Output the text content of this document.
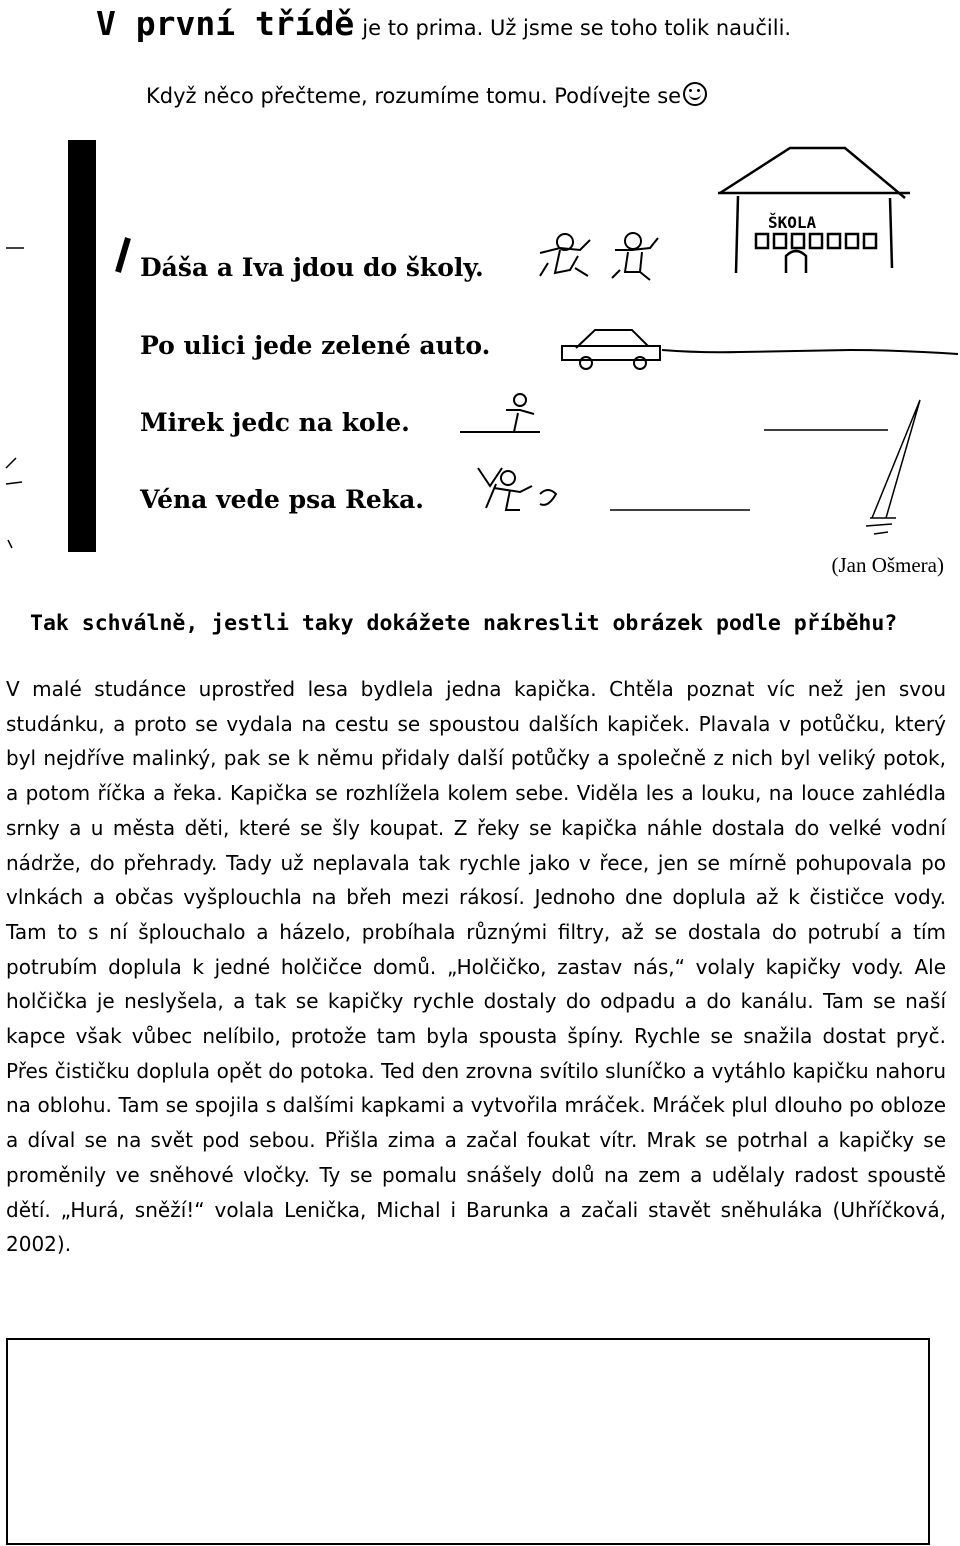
V první třídě je to prima. Už jsme se toho tolik naučili.
Když něco přečteme, rozumíme tomu. Podívejte se
ŠKOLA
Dáša a Iva jdou do školy.
Po ulici jede zelené auto.
Mirek jedc na kole.
Véna vede psa Reka.
(Jan Ošmera)
Tak schválně, jestli taky dokážete nakreslit obrázek podle příběhu?
V malé studánce uprostřed lesa bydlela jedna kapička. Chtěla poznat víc než jen svou studánku, a proto se vydala na cestu se spoustou dalších kapiček. Plavala v potůčku, který byl nejdříve malinký, pak se k němu přidaly další potůčky a společně z nich byl veliký potok, a potom říčka a řeka. Kapička se rozhlížela kolem sebe. Viděla les a louku, na louce zahlédla srnky a u města děti, které se šly koupat. Z řeky se kapička náhle dostala do velké vodní nádrže, do přehrady. Tady už neplavala tak rychle jako v řece, jen se mírně pohupovala po vlnkách a občas vyšplouchla na břeh mezi rákosí. Jednoho dne doplula až k čističce vody. Tam to s ní šplouchalo a házelo, probíhala různými filtry, až se dostala do potrubí a tím potrubím doplula k jedné holčičce domů. „Holčičko, zastav nás,“ volaly kapičky vody. Ale holčička je neslyšela, a tak se kapičky rychle dostaly do odpadu a do kanálu. Tam se naší kapce však vůbec nelíbilo, protože tam byla spousta špíny. Rychle se snažila dostat pryč. Přes čističku doplula opět do potoka. Ted den zrovna svítilo sluníčko a vytáhlo kapičku nahoru na oblohu. Tam se spojila s dalšími kapkami a vytvořila mráček. Mráček plul dlouho po obloze a díval se na svět pod sebou. Přišla zima a začal foukat vítr. Mrak se potrhal a kapičky se proměnily ve sněhové vločky. Ty se pomalu snášely dolů na zem a udělaly radost spoustě dětí. „Hurá, sněží!“ volala Lenička, Michal i Barunka a začali stavět sněhuláka (Uhříčková, 2002).
